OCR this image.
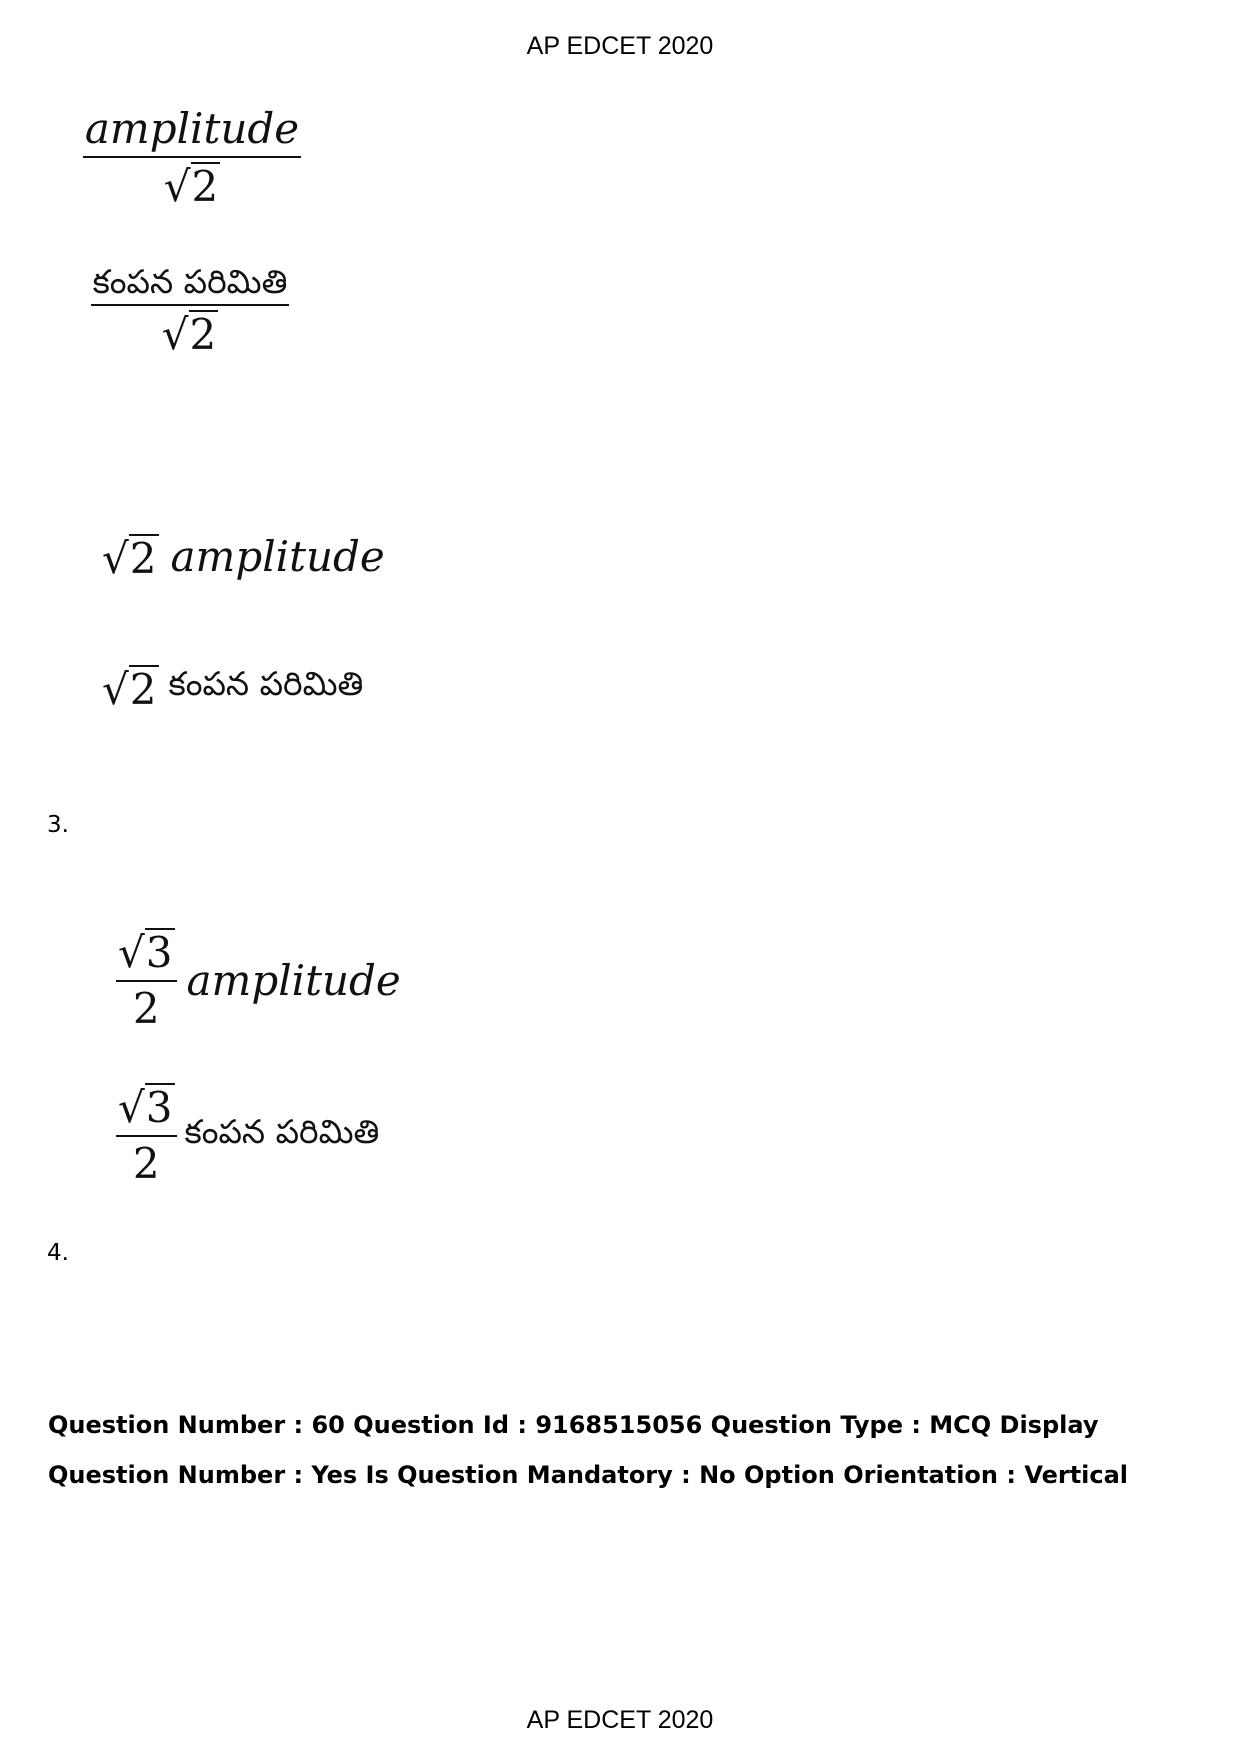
AP EDCET 2020
amplitude
√ 2
కంపన పరిమితి
√ 2
√ 2 amplitude
√ 2 కంపన పరిమితి
3.
$\frac{√ 3}{2}$ amplitude
$\frac{√ 3}{2}$ కంపన పరిమితి
4.
Question Number : 60 Question Id : 9168515056 Question Type : MCQ Display Question Number : Yes Is Question Mandatory : No Option Orientation : Vertical
AP EDCET 2020
